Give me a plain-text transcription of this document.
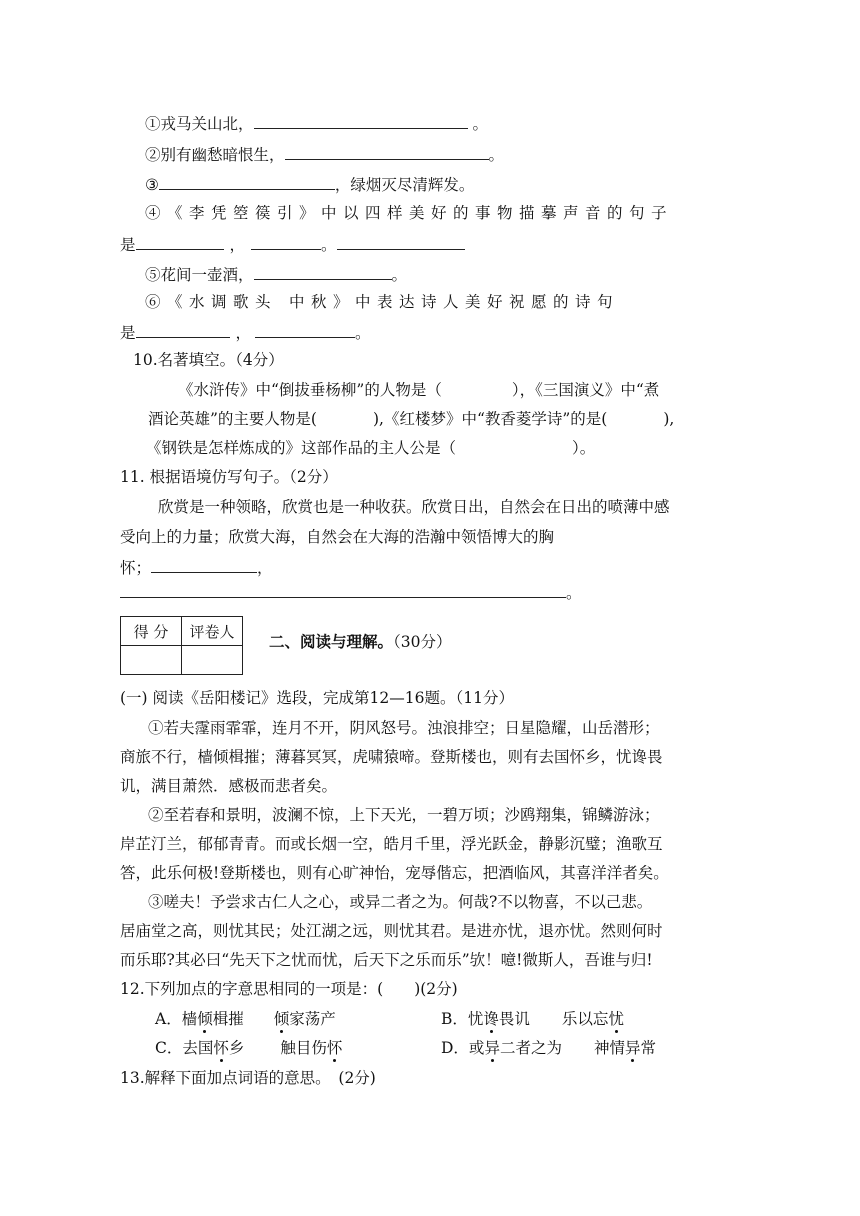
①戎马关山北，	。
②别有幽愁暗恨生，	。
③	，绿烟灭尽清辉发。
④《李凭箜篌引》中以四样美好的事物描摹声音的句子
是	，	。
⑤花间一壶酒，	。
⑥《水调歌头 中秋》中表达诗人美好祝愿的诗句
是	，	。
10.名著填空。（4分）
《水浒传》中“倒拔垂杨柳”的人物是（	），《三国演义》中“煮
酒论英雄”的主要人物是(	),《红楼梦》中“教香菱学诗”的是(	),
《钢铁是怎样炼成的》这部作品的主人公是（	）。
11. 根据语境仿写句子。（2分）
欣赏是一种领略，欣赏也是一种收获。欣赏日出，自然会在日出的喷薄中感
受向上的力量；欣赏大海，自然会在大海的浩瀚中领悟博大的胸
怀；	，
。
得 分	评卷人

二、阅读与理解。（30分）
(一) 阅读《岳阳楼记》选段，完成第12—16题。（11分）
①若夫霪雨霏霏，连月不开，阴风怒号。浊浪排空；日星隐耀，山岳潜形；
商旅不行，樯倾楫摧；薄暮冥冥，虎啸猿啼。登斯楼也，则有去国怀乡，忧谗畏
讥，满目萧然．感极而悲者矣。
②至若春和景明，波澜不惊，上下天光，一碧万顷；沙鸥翔集，锦鳞游泳；
岸芷汀兰，郁郁青青。而或长烟一空，皓月千里，浮光跃金，静影沉璧；渔歌互
答，此乐何极!登斯楼也，则有心旷神怡，宠辱偕忘，把酒临风，其喜洋洋者矣。
③嗟夫！予尝求古仁人之心，或异二者之为。何哉?不以物喜，不以己悲。
居庙堂之高，则忧其民；处江湖之远，则忧其君。是进亦忧，退亦忧。然则何时
而乐耶?其必曰“先天下之忧而忧，后天下之乐而乐”欤！噫!微斯人，吾谁与归!
12.下列加点的字意思相同的一项是：(　　)(2分)
A．樯倾楫摧 倾家荡产	B．忧谗畏讥 乐以忘忧
C．去国怀乡 触目伤怀	D．或异二者之为 神情异常
13.解释下面加点词语的意思。　(2分)
